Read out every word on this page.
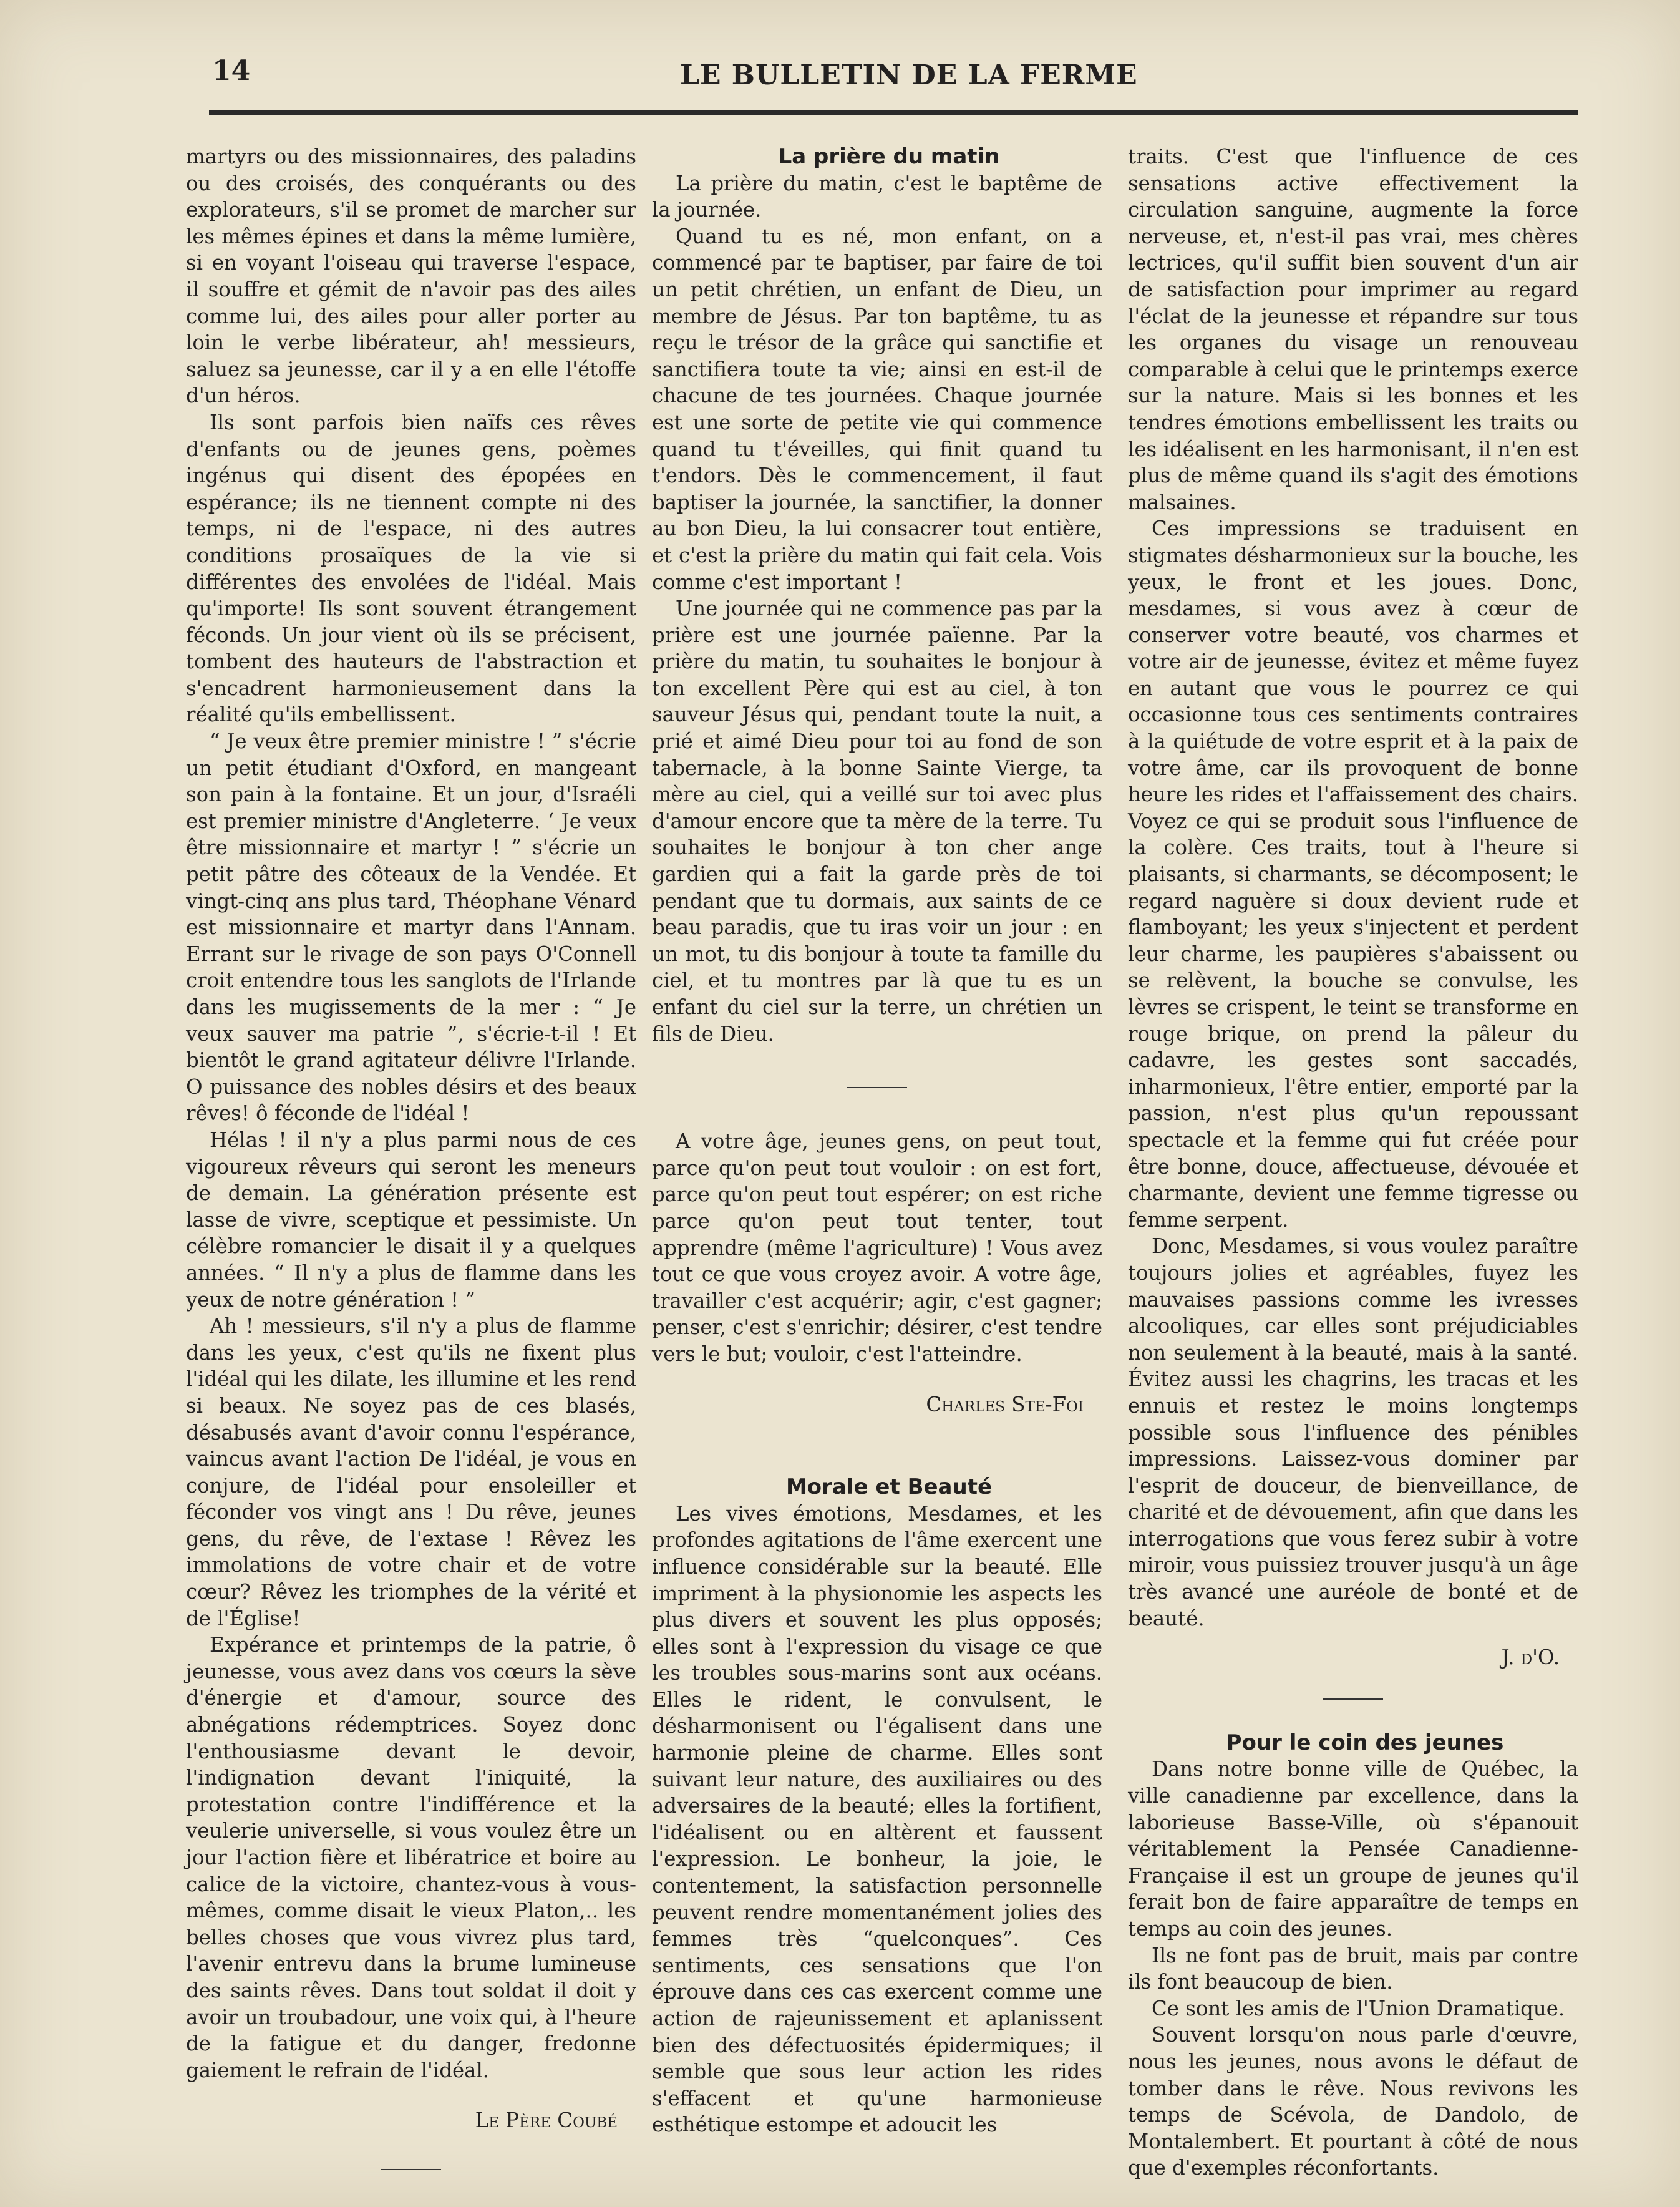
14	LE BULLETIN DE LA FERME

martyrs ou des missionnaires, des paladins ou des croisés, des conquérants ou des explorateurs, s'il se promet de marcher sur les mêmes épines et dans la même lumière, si en voyant l'oiseau qui traverse l'espace, il souffre et gémit de n'avoir pas des ailes comme lui, des ailes pour aller porter au loin le verbe libérateur, ah! messieurs, saluez sa jeunesse, car il y a en elle l'étoffe d'un héros.

Ils sont parfois bien naïfs ces rêves d'enfants ou de jeunes gens, poèmes ingénus qui disent des épopées en espérance; ils ne tiennent compte ni des temps, ni de l'espace, ni des autres conditions prosaïques de la vie si différentes des envolées de l'idéal. Mais qu'importe! Ils sont souvent étrangement féconds. Un jour vient où ils se précisent, tombent des hauteurs de l'abstraction et s'encadrent harmonieusement dans la réalité qu'ils embellissent.

“ Je veux être premier ministre ! ” s'écrie un petit étudiant d'Oxford, en mangeant son pain à la fontaine. Et un jour, d'Israéli est premier ministre d'Angleterre. ‘ Je veux être missionnaire et martyr ! ” s'écrie un petit pâtre des côteaux de la Vendée. Et vingt-cinq ans plus tard, Théophane Vénard est missionnaire et martyr dans l'Annam. Errant sur le rivage de son pays O'Connell croit entendre tous les sanglots de l'Irlande dans les mugissements de la mer : “ Je veux sauver ma patrie ”, s'écrie-t-il ! Et bientôt le grand agitateur délivre l'Irlande. O puissance des nobles désirs et des beaux rêves! ô féconde de l'idéal !

Hélas ! il n'y a plus parmi nous de ces vigoureux rêveurs qui seront les meneurs de demain. La génération présente est lasse de vivre, sceptique et pessimiste. Un célèbre romancier le disait il y a quelques années. “ Il n'y a plus de flamme dans les yeux de notre génération ! ”

Ah ! messieurs, s'il n'y a plus de flamme dans les yeux, c'est qu'ils ne fixent plus l'idéal qui les dilate, les illumine et les rend si beaux. Ne soyez pas de ces blasés, désabusés avant d'avoir connu l'espérance, vaincus avant l'action De l'idéal, je vous en conjure, de l'idéal pour ensoleiller et féconder vos vingt ans ! Du rêve, jeunes gens, du rêve, de l'extase ! Rêvez les immolations de votre chair et de votre cœur? Rêvez les triomphes de la vérité et de l'Église!

Expérance et printemps de la patrie, ô jeunesse, vous avez dans vos cœurs la sève d'énergie et d'amour, source des abnégations rédemptrices. Soyez donc l'enthousiasme devant le devoir, l'indignation devant l'iniquité, la protestation contre l'indifférence et la veulerie universelle, si vous voulez être un jour l'action fière et libératrice et boire au calice de la victoire, chantez-vous à vous-mêmes, comme disait le vieux Platon,.. les belles choses que vous vivrez plus tard, l'avenir entrevu dans la brume lumineuse des saints rêves. Dans tout soldat il doit y avoir un troubadour, une voix qui, à l'heure de la fatigue et du danger, fredonne gaiement le refrain de l'idéal.

Le Père Coubé

La prière du matin

La prière du matin, c'est le baptême de la journée.

Quand tu es né, mon enfant, on a commencé par te baptiser, par faire de toi un petit chrétien, un enfant de Dieu, un membre de Jésus. Par ton baptême, tu as reçu le trésor de la grâce qui sanctifie et sanctifiera toute ta vie; ainsi en est-il de chacune de tes journées. Chaque journée est une sorte de petite vie qui commence quand tu t'éveilles, qui finit quand tu t'endors. Dès le commencement, il faut baptiser la journée, la sanctifier, la donner au bon Dieu, la lui consacrer tout entière, et c'est la prière du matin qui fait cela. Vois comme c'est important !

Une journée qui ne commence pas par la prière est une journée païenne. Par la prière du matin, tu souhaites le bonjour à ton excellent Père qui est au ciel, à ton sauveur Jésus qui, pendant toute la nuit, a prié et aimé Dieu pour toi au fond de son tabernacle, à la bonne Sainte Vierge, ta mère au ciel, qui a veillé sur toi avec plus d'amour encore que ta mère de la terre. Tu souhaites le bonjour à ton cher ange gardien qui a fait la garde près de toi pendant que tu dormais, aux saints de ce beau paradis, que tu iras voir un jour : en un mot, tu dis bonjour à toute ta famille du ciel, et tu montres par là que tu es un enfant du ciel sur la terre, un chrétien un fils de Dieu.

A votre âge, jeunes gens, on peut tout, parce qu'on peut tout vouloir : on est fort, parce qu'on peut tout espérer; on est riche parce qu'on peut tout tenter, tout apprendre (même l'agriculture) ! Vous avez tout ce que vous croyez avoir. A votre âge, travailler c'est acquérir; agir, c'est gagner; penser, c'est s'enrichir; désirer, c'est tendre vers le but; vouloir, c'est l'atteindre.

Charles Ste-Foi

Morale et Beauté

Les vives émotions, Mesdames, et les profondes agitations de l'âme exercent une influence considérable sur la beauté. Elle impriment à la physionomie les aspects les plus divers et souvent les plus opposés; elles sont à l'expression du visage ce que les troubles sous-marins sont aux océans. Elles le rident, le convulsent, le désharmonisent ou l'égalisent dans une harmonie pleine de charme. Elles sont suivant leur nature, des auxiliaires ou des adversaires de la beauté; elles la fortifient, l'idéalisent ou en altèrent et faussent l'expression. Le bonheur, la joie, le contentement, la satisfaction personnelle peuvent rendre momentanément jolies des femmes très “quelconques”. Ces sentiments, ces sensations que l'on éprouve dans ces cas exercent comme une action de rajeunissement et aplanissent bien des défectuosités épidermiques; il semble que sous leur action les rides s'effacent et qu'une harmonieuse esthétique estompe et adoucit les

traits. C'est que l'influence de ces sensations active effectivement la circulation sanguine, augmente la force nerveuse, et, n'est-il pas vrai, mes chères lectrices, qu'il suffit bien souvent d'un air de satisfaction pour imprimer au regard l'éclat de la jeunesse et répandre sur tous les organes du visage un renouveau comparable à celui que le printemps exerce sur la nature. Mais si les bonnes et les tendres émotions embellissent les traits ou les idéalisent en les harmonisant, il n'en est plus de même quand ils s'agit des émotions malsaines.

Ces impressions se traduisent en stigmates désharmonieux sur la bouche, les yeux, le front et les joues. Donc, mesdames, si vous avez à cœur de conserver votre beauté, vos charmes et votre air de jeunesse, évitez et même fuyez en autant que vous le pourrez ce qui occasionne tous ces sentiments contraires à la quiétude de votre esprit et à la paix de votre âme, car ils provoquent de bonne heure les rides et l'affaissement des chairs. Voyez ce qui se produit sous l'influence de la colère. Ces traits, tout à l'heure si plaisants, si charmants, se décomposent; le regard naguère si doux devient rude et flamboyant; les yeux s'injectent et perdent leur charme, les paupières s'abaissent ou se relèvent, la bouche se convulse, les lèvres se crispent, le teint se transforme en rouge brique, on prend la pâleur du cadavre, les gestes sont saccadés, inharmonieux, l'être entier, emporté par la passion, n'est plus qu'un repoussant spectacle et la femme qui fut créée pour être bonne, douce, affectueuse, dévouée et charmante, devient une femme tigresse ou femme serpent.

Donc, Mesdames, si vous voulez paraître toujours jolies et agréables, fuyez les mauvaises passions comme les ivresses alcooliques, car elles sont préjudiciables non seulement à la beauté, mais à la santé. Évitez aussi les chagrins, les tracas et les ennuis et restez le moins longtemps possible sous l'influence des pénibles impressions. Laissez-vous dominer par l'esprit de douceur, de bienveillance, de charité et de dévouement, afin que dans les interrogations que vous ferez subir à votre miroir, vous puissiez trouver jusqu'à un âge très avancé une auréole de bonté et de beauté.

J. d'O.

Pour le coin des jeunes

Dans notre bonne ville de Québec, la ville canadienne par excellence, dans la laborieuse Basse-Ville, où s'épanouit véritablement la Pensée Canadienne-Française il est un groupe de jeunes qu'il ferait bon de faire apparaître de temps en temps au coin des jeunes.

Ils ne font pas de bruit, mais par contre ils font beaucoup de bien.

Ce sont les amis de l'Union Dramatique.

Souvent lorsqu'on nous parle d'œuvre, nous les jeunes, nous avons le défaut de tomber dans le rêve. Nous revivons les temps de Scévola, de Dandolo, de Montalembert. Et pourtant à côté de nous que d'exemples réconfortants.
